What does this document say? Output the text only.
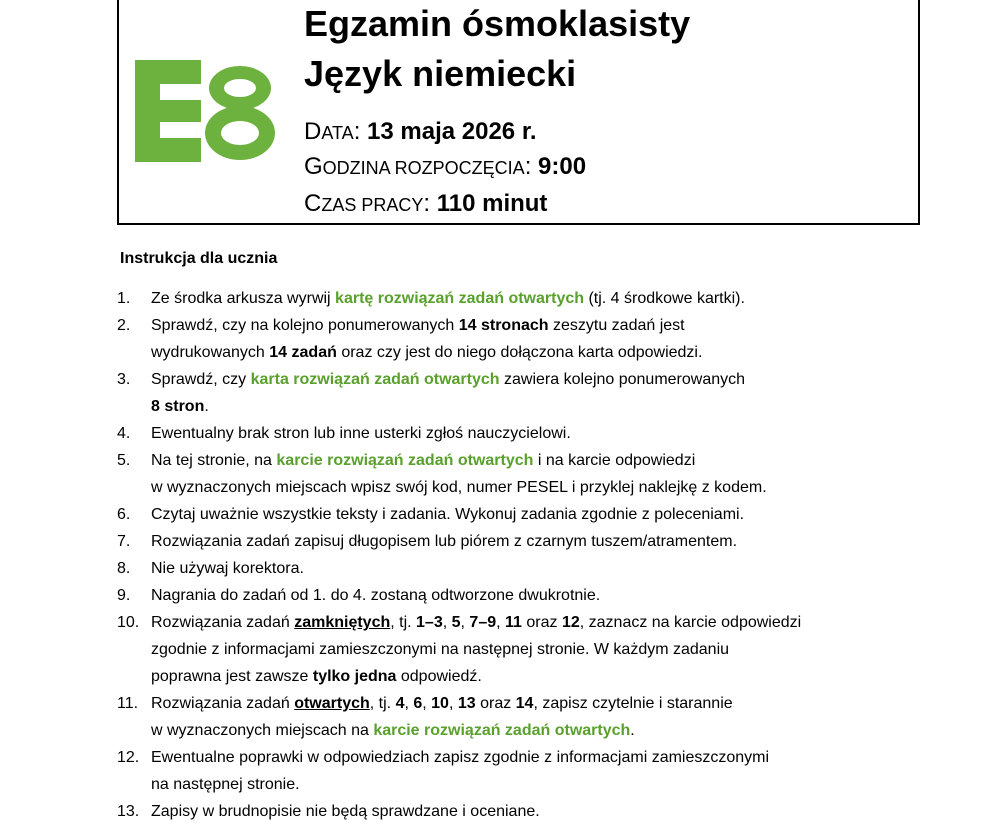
Egzamin ósmoklasisty
Język niemiecki
DATA: 13 maja 2026 r.
GODZINA ROZPOCZĘCIA: 9:00
CZAS PRACY: 110 minut
Instrukcja dla ucznia
1. Ze środka arkusza wyrwij kartę rozwiązań zadań otwartych (tj. 4 środkowe kartki).
2. Sprawdź, czy na kolejno ponumerowanych 14 stronach zeszytu zadań jest
wydrukowanych 14 zadań oraz czy jest do niego dołączona karta odpowiedzi.
3. Sprawdź, czy karta rozwiązań zadań otwartych zawiera kolejno ponumerowanych
8 stron.
4. Ewentualny brak stron lub inne usterki zgłoś nauczycielowi.
5. Na tej stronie, na karcie rozwiązań zadań otwartych i na karcie odpowiedzi
w wyznaczonych miejscach wpisz swój kod, numer PESEL i przyklej naklejkę z kodem.
6. Czytaj uważnie wszystkie teksty i zadania. Wykonuj zadania zgodnie z poleceniami.
7. Rozwiązania zadań zapisuj długopisem lub piórem z czarnym tuszem/atramentem.
8. Nie używaj korektora.
9. Nagrania do zadań od 1. do 4. zostaną odtworzone dwukrotnie.
10. Rozwiązania zadań zamkniętych, tj. 1–3, 5, 7–9, 11 oraz 12, zaznacz na karcie odpowiedzi
zgodnie z informacjami zamieszczonymi na następnej stronie. W każdym zadaniu
poprawna jest zawsze tylko jedna odpowiedź.
11. Rozwiązania zadań otwartych, tj. 4, 6, 10, 13 oraz 14, zapisz czytelnie i starannie
w wyznaczonych miejscach na karcie rozwiązań zadań otwartych.
12. Ewentualne poprawki w odpowiedziach zapisz zgodnie z informacjami zamieszczonymi
na następnej stronie.
13. Zapisy w brudnopisie nie będą sprawdzane i oceniane.
